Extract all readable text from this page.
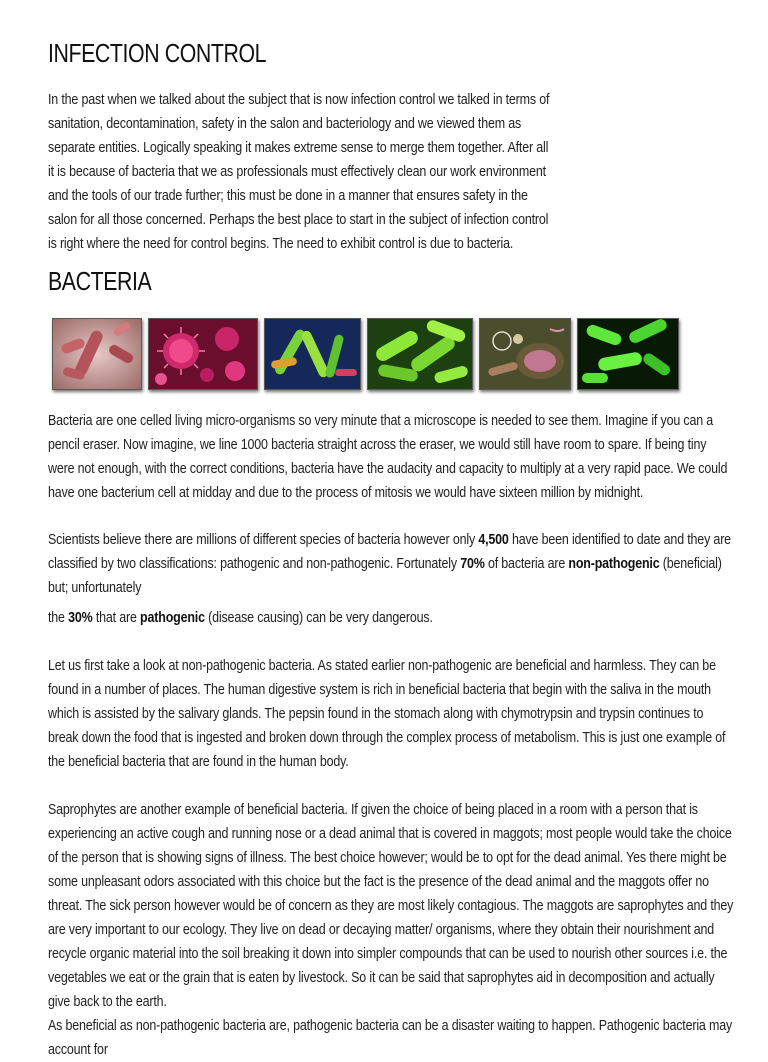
INFECTION CONTROL

In the past when we talked about the subject that is now infection control we talked in terms of sanitation, decontamination, safety in the salon and bacteriology and we viewed them as separate entities. Logically speaking it makes extreme sense to merge them together. After all it is because of bacteria that we as professionals must effectively clean our work environment and the tools of our trade further; this must be done in a manner that ensures safety in the salon for all those concerned. Perhaps the best place to start in the subject of infection control is right where the need for control begins. The need to exhibit control is due to bacteria.

BACTERIA

Bacteria are one celled living micro-organisms so very minute that a microscope is needed to see them. Imagine if you can a pencil eraser. Now imagine, we line 1000 bacteria straight across the eraser, we would still have room to spare. If being tiny were not enough, with the correct conditions, bacteria have the audacity and capacity to multiply at a very rapid pace. We could have one bacterium cell at midday and due to the process of mitosis we would have sixteen million by midnight.

Scientists believe there are millions of different species of bacteria however only 4,500 have been identified to date and they are classified by two classifications: pathogenic and non-pathogenic. Fortunately 70% of bacteria are non-pathogenic (beneficial) but; unfortunately

the 30% that are pathogenic (disease causing) can be very dangerous.

Let us first take a look at non-pathogenic bacteria. As stated earlier non-pathogenic are beneficial and harmless. They can be found in a number of places. The human digestive system is rich in beneficial bacteria that begin with the saliva in the mouth which is assisted by the salivary glands. The pepsin found in the stomach along with chymotrypsin and trypsin continues to break down the food that is ingested and broken down through the complex process of metabolism. This is just one example of the beneficial bacteria that are found in the human body.

Saprophytes are another example of beneficial bacteria. If given the choice of being placed in a room with a person that is experiencing an active cough and running nose or a dead animal that is covered in maggots; most people would take the choice of the person that is showing signs of illness. The best choice however; would be to opt for the dead animal. Yes there might be some unpleasant odors associated with this choice but the fact is the presence of the dead animal and the maggots offer no threat. The sick person however would be of concern as they are most likely contagious. The maggots are saprophytes and they are very important to our ecology. They live on dead or decaying matter/ organisms, where they obtain their nourishment and recycle organic material into the soil breaking it down into simpler compounds that can be used to nourish other sources i.e. the vegetables we eat or the grain that is eaten by livestock. So it can be said that saprophytes aid in decomposition and actually give back to the earth.

As beneficial as non-pathogenic bacteria are, pathogenic bacteria can be a disaster waiting to happen. Pathogenic bacteria may account for
